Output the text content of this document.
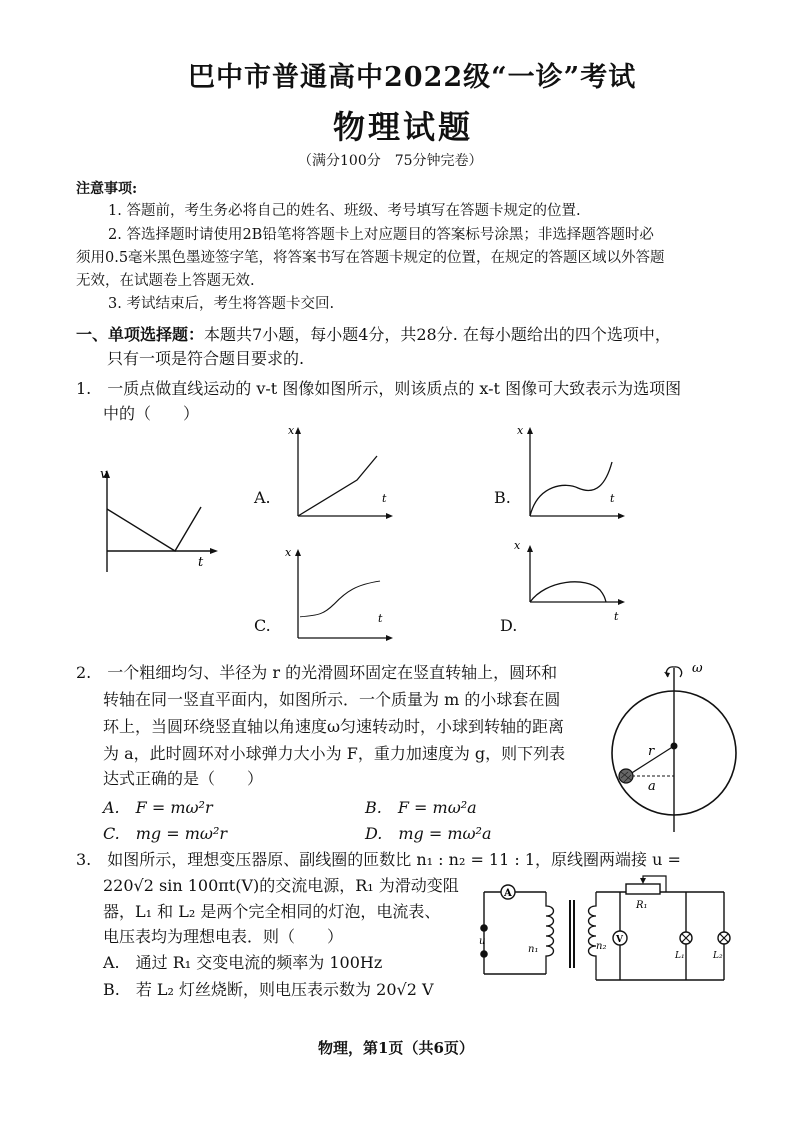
巴中市普通高中2022级“一诊”考试
物理试题
（满分100分　75分钟完卷）
注意事项:
1. 答题前，考生务必将自己的姓名、班级、考号填写在答题卡规定的位置.
2. 答选择题时请使用2B铅笔将答题卡上对应题目的答案标号涂黑；非选择题答题时必
须用0.5毫米黑色墨迹签字笔，将答案书写在答题卡规定的位置，在规定的答题区域以外答题
无效，在试题卷上答题无效.
3. 考试结束后，考生将答题卡交回.
一、单项选择题：本题共7小题，每小题4分，共28分. 在每小题给出的四个选项中，
只有一项是符合题目要求的.
1.　一质点做直线运动的 v-t 图像如图所示，则该质点的 x-t 图像可大致表示为选项图
中的（　　）
v
t
A.
x
t	B.
x
t
C.
x
t	D.
x
t
2.　一个粗细均匀、半径为 r 的光滑圆环固定在竖直转轴上，圆环和
转轴在同一竖直平面内，如图所示．一个质量为 m 的小球套在圆
环上，当圆环绕竖直轴以角速度ω匀速转动时，小球到转轴的距离
为 a，此时圆环对小球弹力大小为 F，重力加速度为 g，则下列表
达式正确的是（　　）
A.　F = mω²r	B.　F = mω²a
C.　mg = mω²r	D.　mg = mω²a
ω
r
a
3.　如图所示，理想变压器原、副线圈的匝数比 n₁ : n₂ = 11 : 1，原线圈两端接 u =
220√2 sin 100πt(V)的交流电源，R₁ 为滑动变阻
器，L₁ 和 L₂ 是两个完全相同的灯泡，电流表、
电压表均为理想电表．则（　　）
A.　通过 R₁ 交变电流的频率为 100Hz
B.　若 L₂ 灯丝烧断，则电压表示数为 20√2 V
A
u
n₁	n₂
V
R₁
L₁	L₂
物理，第1页（共6页）
